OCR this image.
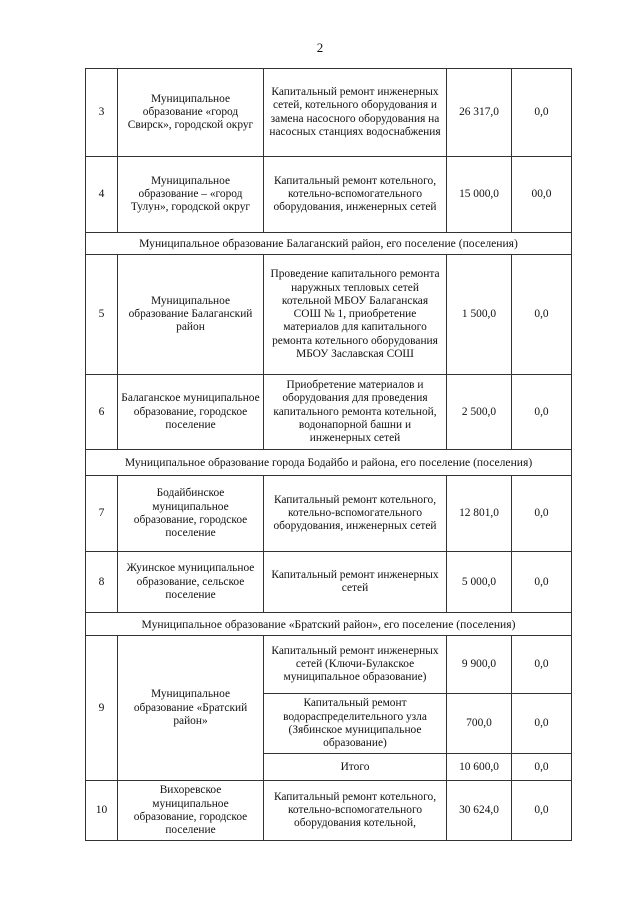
2
3	Муниципальное образование «город Свирск», городской округ	Капитальный ремонт инженерных сетей, котельного оборудования и замена насосного оборудования на насосных станциях водоснабжения	26 317,0	0,0
4	Муниципальное образование – «город Тулун», городской округ	Капитальный ремонт котельного, котельно-вспомогательного оборудования, инженерных сетей	15 000,0	00,0
Муниципальное образование Балаганский район, его поселение (поселения)				
5	Муниципальное образование Балаганский район	Проведение капитального ремонта наружных тепловых сетей котельной МБОУ Балаганская СОШ № 1, приобретение материалов для капитального ремонта котельного оборудования МБОУ Заславская СОШ	1 500,0	0,0
6	Балаганское муниципальное образование, городское поселение	Приобретение материалов и оборудования для проведения капитального ремонта котельной, водонапорной башни и инженерных сетей	2 500,0	0,0
Муниципальное образование города Бодайбо и района, его поселение (поселения)				
7	Бодайбинское муниципальное образование, городское поселение	Капитальный ремонт котельного, котельно-вспомогательного оборудования, инженерных сетей	12 801,0	0,0
8	Жуинское муниципальное образование, сельское поселение	Капитальный ремонт инженерных сетей	5 000,0	0,0
Муниципальное образование «Братский район», его поселение (поселения)				
9	Муниципальное образование «Братский район»	Капитальный ремонт инженерных сетей (Ключи-Булакское муниципальное образование)	9 900,0	0,0
		Капитальный ремонт водораспределительного узла (Зябинское муниципальное образование)	700,0	0,0
		Итого	10 600,0	0,0
10	Вихоревское муниципальное образование, городское поселение	Капитальный ремонт котельного, котельно-вспомогательного оборудования котельной,	30 624,0	0,0
